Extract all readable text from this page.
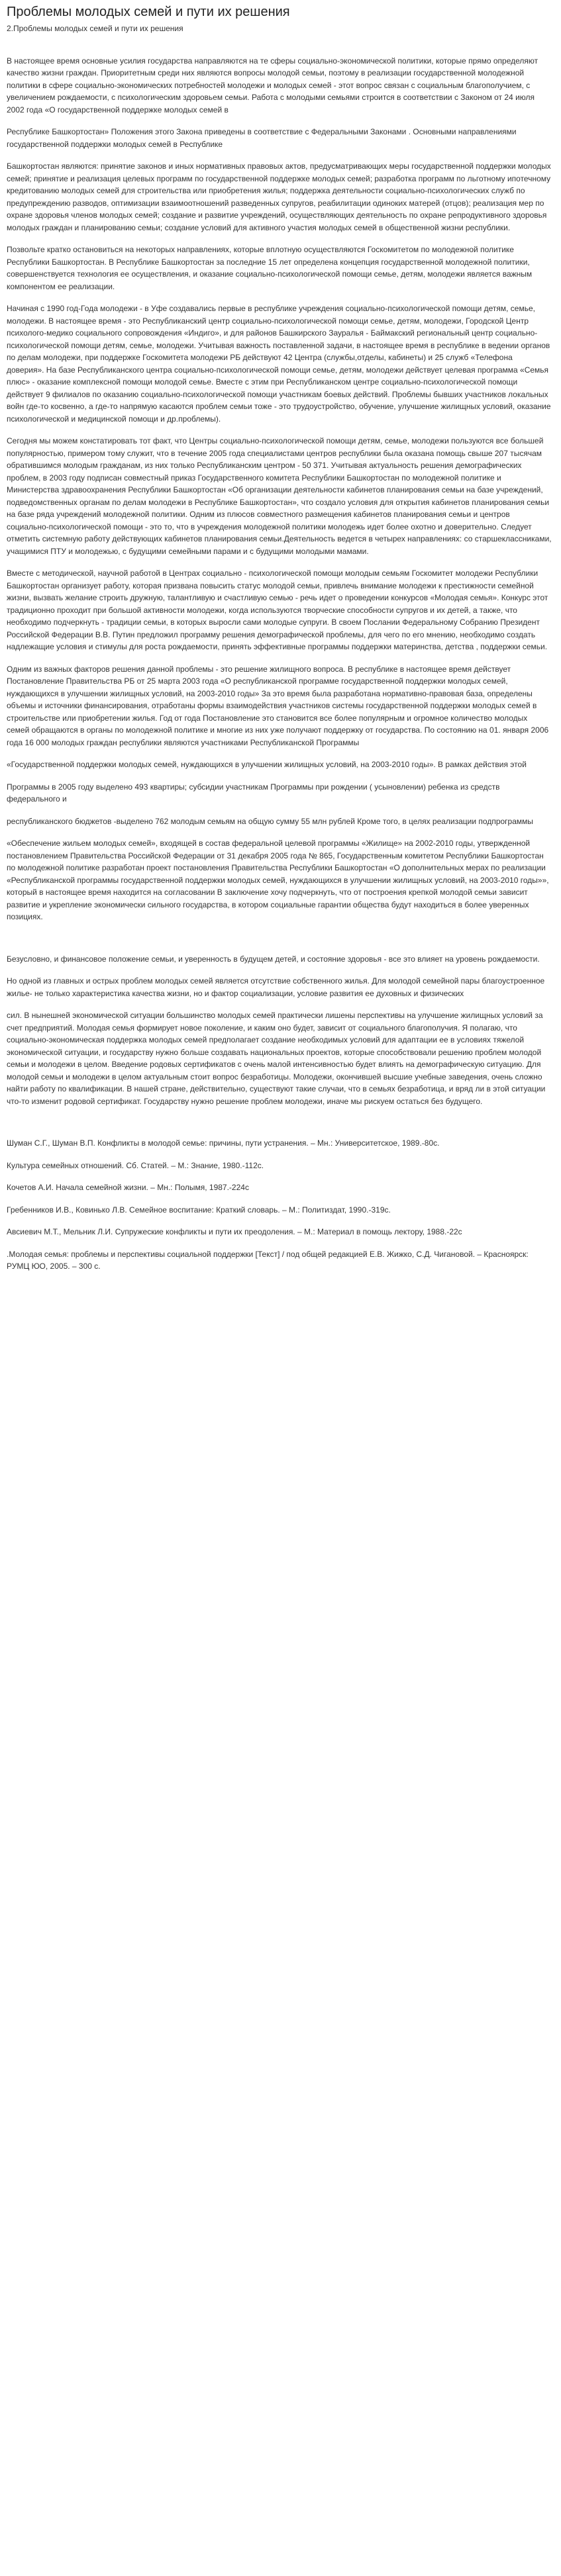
Проблемы молодых семей и пути их решения
2.Проблемы молодых семей и пути их решения

В настоящее время основные усилия государства направляются на те сферы социально-экономической политики, которые прямо определяют качество жизни граждан. Приоритетным среди них являются вопросы молодой семьи, поэтому в реализации государственной молодежной политики в сфере социально-экономических потребностей молодежи и молодых семей - этот вопрос связан с социальным благополучием, с увеличением рождаемости, с психологическим здоровьем семьи. Работа с молодыми семьями строится в соответствии с Законом от 24 июля 2002 года «О государственной поддержке молодых семей в

Республике Башкортостан» Положения этого Закона приведены в соответствие с Федеральными Законами . Основными направлениями государственной поддержки молодых семей в Республике

Башкортостан являются: принятие законов и иных нормативных правовых актов, предусматривающих меры государственной поддержки молодых семей; принятие и реализация целевых программ по государственной поддержке молодых семей; разработка программ по льготному ипотечному кредитованию молодых семей для строительства или приобретения жилья; поддержка деятельности социально-психологических служб по предупреждению разводов, оптимизации взаимоотношений разведенных супругов, реабилитации одиноких матерей (отцов); реализация мер по охране здоровья членов молодых семей; создание и развитие учреждений, осуществляющих деятельность по охране репродуктивного здоровья молодых граждан и планированию семьи; создание условий для активного участия молодых семей в общественной жизни республики.

Позвольте кратко остановиться на некоторых направлениях, которые вплотную осуществляются Госкомитетом по молодежной политике Республики Башкортостан. В Республике Башкортостан за последние 15 лет определена концепция государственной молодежной политики, совершенствуется технология ее осуществления, и оказание социально-психологической помощи семье, детям, молодежи является важным компонентом ее реализации.

Начиная с 1990 год-Года молодежи - в Уфе создавались первые в республике учреждения социально-психологической помощи детям, семье, молодежи. В настоящее время - это Республиканский центр социально-психологической помощи семье, детям, молодежи, Городской Центр психолого-медико социального сопровождения «Индиго», и для районов Башкирского Зауралья - Баймакский региональный центр социально-психологической помощи детям, семье, молодежи. Учитывая важность поставленной задачи, в настоящее время в республике в ведении органов по делам молодежи, при поддержке Госкомитета молодежи РБ действуют 42 Центра (службы,отделы, кабинеты) и 25 служб «Телефона доверия». На базе Республиканского центра социально-психологической помощи семье, детям, молодежи действует целевая программа «Семья плюс» - оказание комплексной помощи молодой семье. Вместе с этим при Республиканском центре социально-психологической помощи действует 9 филиалов по оказанию социально-психологической помощи участникам боевых действий. Проблемы бывших участников локальных войн где-то косвенно, а где-то напрямую касаются проблем семьи тоже - это трудоустройство, обучение, улучшение жилищных условий, оказание психологической и медицинской помощи и др.проблемы).

Сегодня мы можем констатировать тот факт, что Центры социально-психологической помощи детям, семье, молодежи пользуются все большей популярностью, примером тому служит, что в течение 2005 года специалистами центров республики была оказана помощь свыше 207 тысячам обратившимся молодым гражданам, из них только Республиканским центром - 50 371. Учитывая актуальность решения демографических проблем, в 2003 году подписан совместный приказ Государственного комитета Республики Башкортостан по молодежной политике и Министерства здравоохранения Республики Башкортостан «Об организации деятельности кабинетов планирования семьи на базе учреждений, подведомственных органам по делам молодежи в Республике Башкортостан», что создало условия для открытия кабинетов планирования семьи на базе ряда учреждений молодежной политики. Одним из плюсов совместного размещения кабинетов планирования семьи и центров социально-психологической помощи - это то, что в учреждения молодежной политики молодежь идет более охотно и доверительно. Следует отметить системную работу действующих кабинетов планирования семьи.Деятельность ведется в четырех направлениях: со старшеклассниками, учащимися ПТУ и молодежью, с будущими семейными парами и с будущими молодыми мамами.

Вместе с методической, научной работой в Центрах социально - психологической помощи молодым семьям Госкомитет молодежи Республики Башкортостан организует работу, которая призвана повысить статус молодой семьи, привлечь внимание молодежи к престижности семейной жизни, вызвать желание строить дружную, талантливую и счастливую семью - речь идет о проведении конкурсов «Молодая семья». Конкурс этот традиционно проходит при большой активности молодежи, когда используются творческие способности супругов и их детей, а также, что необходимо подчеркнуть - традиции семьи, в которых выросли сами молодые супруги. В своем Послании Федеральному Собранию Президент Российской Федерации В.В. Путин предложил программу решения демографической проблемы, для чего по его мнению, необходимо создать надлежащие условия и стимулы для роста рождаемости, принять эффективные программы поддержки материнства, детства , поддержки семьи.

Одним из важных факторов решения данной проблемы - это решение жилищного вопроса. В республике в настоящее время действует Постановление Правительства РБ от 25 марта 2003 года «О республиканской программе государственной поддержки молодых семей, нуждающихся в улучшении жилищных условий, на 2003-2010 годы» За это время была разработана нормативно-правовая база, определены объемы и источники финансирования, отработаны формы взаимодействия участников системы государственной поддержки молодых семей в строительстве или приобретении жилья. Год от года Постановление это становится все более популярным и огромное количество молодых семей обращаются в органы по молодежной политике и многие из них уже получают поддержку от государства. По состоянию на 01. января 2006 года 16 000 молодых граждан республики являются участниками Республиканской Программы

«Государственной поддержки молодых семей, нуждающихся в улучшении жилищных условий, на 2003-2010 годы». В рамках действия этой

Программы в 2005 году выделено 493 квартиры; субсидии участникам Программы при рождении ( усыновлении) ребенка из средств федерального и

республиканского бюджетов -выделено 762 молодым семьям на общую сумму 55 млн рублей Кроме того, в целях реализации подпрограммы

«Обеспечение жильем молодых семей», входящей в состав федеральной целевой программы «Жилище» на 2002-2010 годы, утвержденной постановлением Правительства Российской Федерации от 31 декабря 2005 года № 865, Государственным комитетом Республики Башкортостан по молодежной политике разработан проект постановления Правительства Республики Башкортостан «О дополнительных мерах по реализации «Республиканской программы государственной поддержки молодых семей, нуждающихся в улучшении жилищных условий, на 2003-2010 годы»», который в настоящее время находится на согласовании В заключение хочу подчеркнуть, что от построения крепкой молодой семьи зависит развитие и укрепление экономически сильного государства, в котором социальные гарантии общества будут находиться в более уверенных позициях.

Безусловно, и финансовое положение семьи, и уверенность в будущем детей, и состояние здоровья - все это влияет на уровень рождаемости.

Но одной из главных и острых проблем молодых семей является отсутствие собственного жилья. Для молодой семейной пары благоустроенное жилье- не только характеристика качества жизни, но и фактор социализации, условие развития ее духовных и физических

сил. В нынешней экономической ситуации большинство молодых семей практически лишены перспективы на улучшение жилищных условий за счет предприятий. Молодая семья формирует новое поколение, и каким оно будет, зависит от социального благополучия. Я полагаю, что социально-экономическая поддержка молодых семей предполагает создание необходимых условий для адаптации ее в условиях тяжелой экономической ситуации, и государству нужно больше создавать национальных проектов, которые способствовали решению проблем молодой семьи и молодежи в целом. Введение родовых сертификатов с очень малой интенсивностью будет влиять на демографическую ситуацию. Для молодой семьи и молодежи в целом актуальным стоит вопрос безработицы. Молодежи, окончившей высшие учебные заведения, очень сложно найти работу по квалификации. В нашей стране, действительно, существуют такие случаи, что в семьях безработица, и вряд ли в этой ситуации что-то изменит родовой сертификат. Государству нужно решение проблем молодежи, иначе мы рискуем остаться без будущего.

Шуман С.Г., Шуман В.П. Конфликты в молодой семье: причины, пути устранения. – Мн.: Университетское, 1989.-80с.

Культура семейных отношений. Сб. Статей. – М.: Знание, 1980.-112с.

Кочетов А.И. Начала семейной жизни. – Мн.: Полымя, 1987.-224с

Гребенников И.В., Ковинько Л.В. Семейное воспитание: Краткий словарь. – М.: Политиздат, 1990.-319с.

Авсиевич М.Т., Мельник Л.И. Супружеские конфликты и пути их преодоления. – М.: Материал в помощь лектору, 1988.-22с

.Молодая семья: проблемы и перспективы социальной поддержки [Текст] / под общей редакцией Е.В. Жижко, С.Д. Чигановой. – Красноярск: РУМЦ ЮО, 2005. – 300 с.
